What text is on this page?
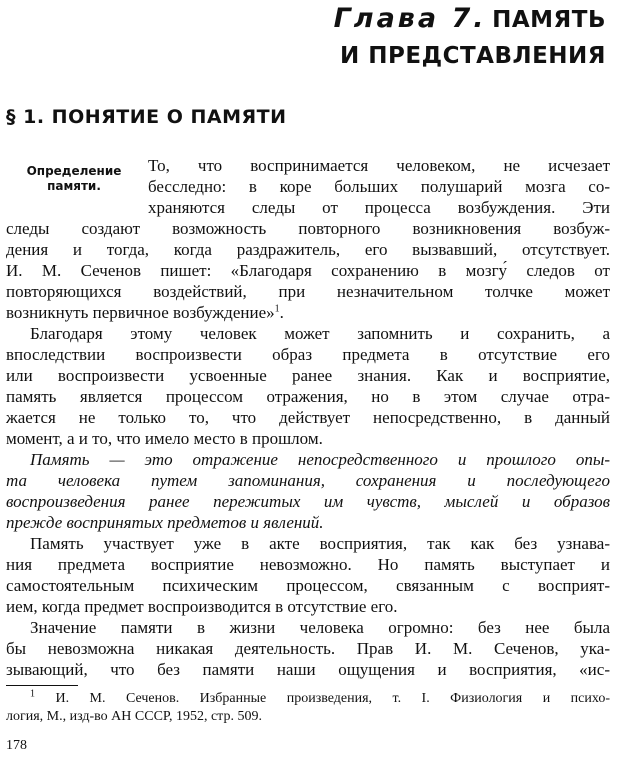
Глава 7. ПАМЯТЬ
И ПРЕДСТАВЛЕНИЯ
§ 1. ПОНЯТИЕ О ПАМЯТИ
Определение
памяти.
То, что воспринимается человеком, не исчезает
бесследно: в коре больших полушарий мозга со-
храняются следы от процесса возбуждения. Эти
следы создают возможность повторного возникновения возбуж-
дения и тогда, когда раздражитель, его вызвавший, отсутствует.
И. М. Сеченов пишет: «Благодаря сохранению в мозгу́ следов от
повторяющихся воздействий, при незначительном толчке может
возникнуть первичное возбуждение»$^1$.
Благодаря этому человек может запомнить и сохранить, а
впоследствии воспроизвести образ предмета в отсутствие его
или воспроизвести усвоенные ранее знания. Как и восприятие,
память является процессом отражения, но в этом случае отра-
жается не только то, что действует непосредственно, в данный
момент, а и то, что имело место в прошлом.
Память — это отражение непосредственного и прошлого опы-
та человека путем запоминания, сохранения и последующего
воспроизведения ранее пережитых им чувств, мыслей и образов
прежде воспринятых предметов и явлений.
Память участвует уже в акте восприятия, так как без узнава-
ния предмета восприятие невозможно. Но память выступает и
самостоятельным психическим процессом, связанным с восприят-
ием, когда предмет воспроизводится в отсутствие его.
Значение памяти в жизни человека огромно: без нее была
бы невозможна никакая деятельность. Прав И. М. Сеченов, ука-
зывающий, что без памяти наши ощущения и восприятия, «ис-
$^1$ И. М. Сеченов. Избранные произведения, т. I. Физиология и психо-
логия, М., изд-во АН СССР, 1952, стр. 509.
178
